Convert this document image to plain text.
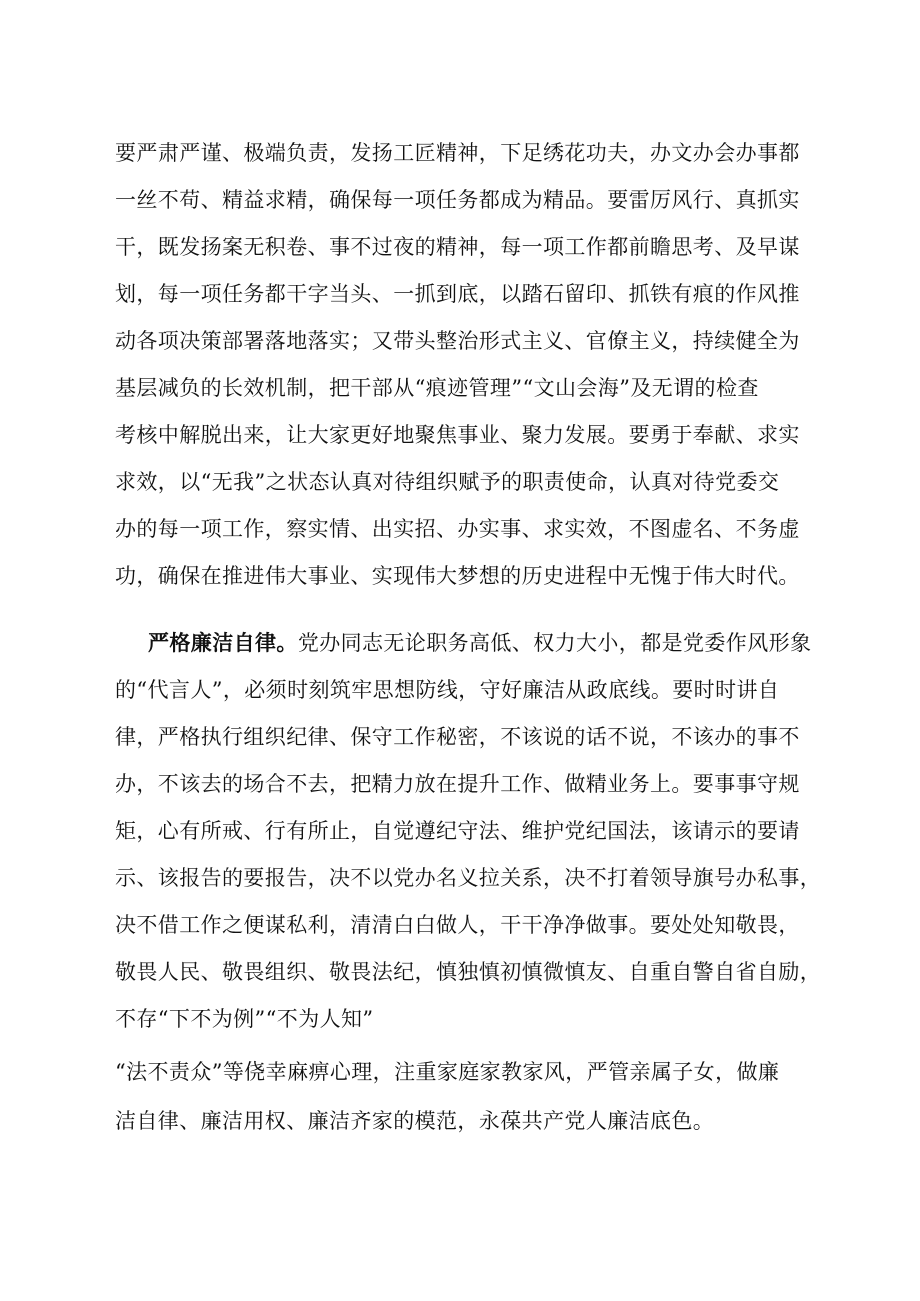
要严肃严谨、极端负责，发扬工匠精神，下足绣花功夫，办文办会办事都
一丝不苟、精益求精，确保每一项任务都成为精品。要雷厉风行、真抓实
干，既发扬案无积卷、事不过夜的精神，每一项工作都前瞻思考、及早谋
划，每一项任务都干字当头、一抓到底，以踏石留印、抓铁有痕的作风推
动各项决策部署落地落实；又带头整治形式主义、官僚主义，持续健全为
基层减负的长效机制，把干部从“痕迹管理”“文山会海”及无谓的检查
考核中解脱出来，让大家更好地聚焦事业、聚力发展。要勇于奉献、求实
求效，以“无我”之状态认真对待组织赋予的职责使命，认真对待党委交
办的每一项工作，察实情、出实招、办实事、求实效，不图虚名、不务虚
功，确保在推进伟大事业、实现伟大梦想的历史进程中无愧于伟大时代。
严格廉洁自律。党办同志无论职务高低、权力大小，都是党委作风形象
的“代言人”，必须时刻筑牢思想防线，守好廉洁从政底线。要时时讲自
律，严格执行组织纪律、保守工作秘密，不该说的话不说，不该办的事不
办，不该去的场合不去，把精力放在提升工作、做精业务上。要事事守规
矩，心有所戒、行有所止，自觉遵纪守法、维护党纪国法，该请示的要请
示、该报告的要报告，决不以党办名义拉关系，决不打着领导旗号办私事，
决不借工作之便谋私利，清清白白做人，干干净净做事。要处处知敬畏，
敬畏人民、敬畏组织、敬畏法纪，慎独慎初慎微慎友、自重自警自省自励，
不存“下不为例”“不为人知”
“法不责众”等侥幸麻痹心理，注重家庭家教家风，严管亲属子女，做廉
洁自律、廉洁用权、廉洁齐家的模范，永葆共产党人廉洁底色。
